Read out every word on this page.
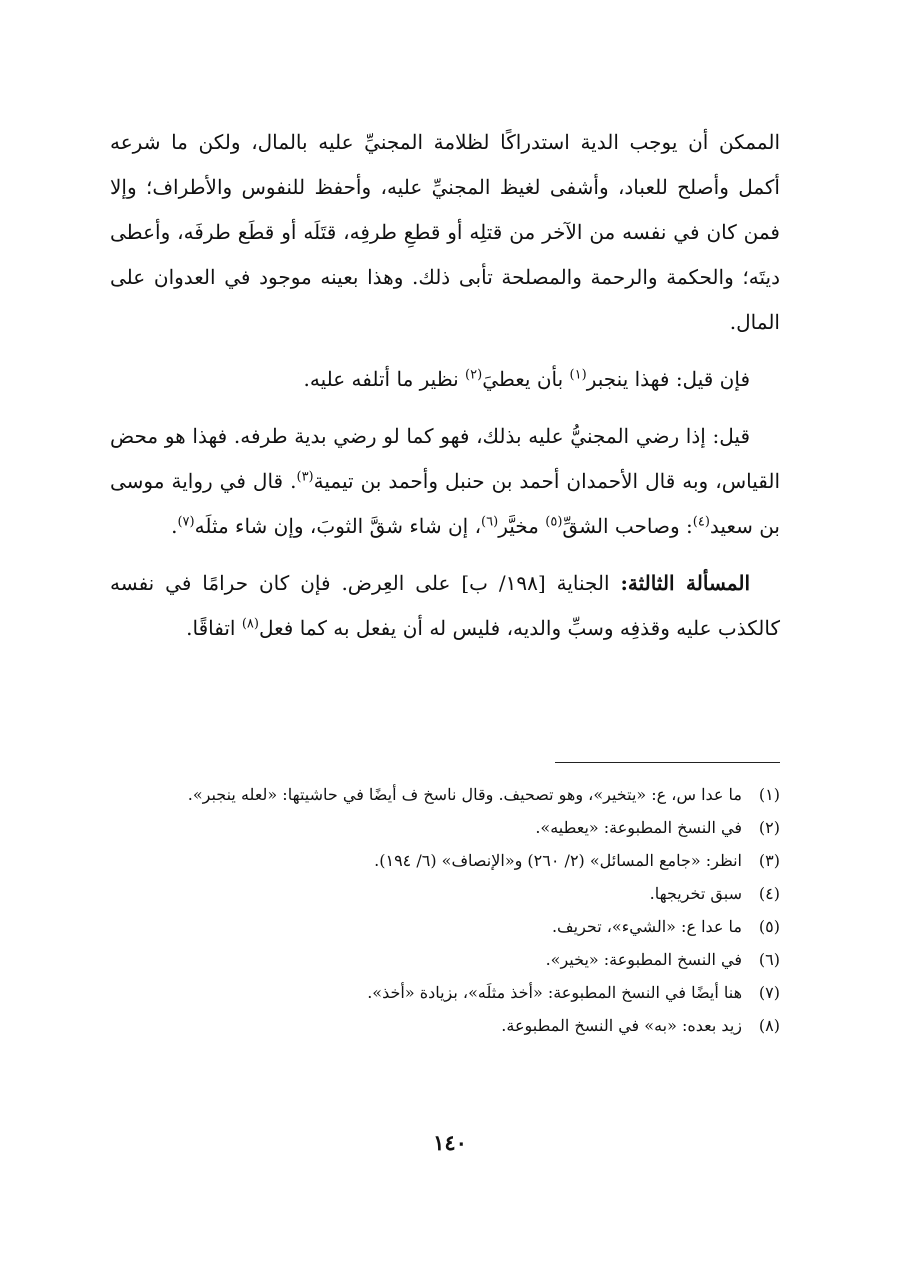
الممكن أن يوجب الدية استدراكًا لظلامة المجنيِّ عليه بالمال، ولكن ما شرعه أكمل وأصلح للعباد، وأشفى لغيظ المجنيِّ عليه، وأحفظ للنفوس والأطراف؛ وإلا فمن كان في نفسه من الآخر من قتلِه أو قطعِ طرفِه، قتَلَه أو قطَع طرفَه، وأعطى ديتَه؛ والحكمة والرحمة والمصلحة تأبى ذلك. وهذا بعينه موجود في العدوان على المال.

فإن قيل: فهذا ينجبر$^{(١)}$ بأن يعطيَ$^{(٢)}$ نظير ما أتلفه عليه.

قيل: إذا رضي المجنيُّ عليه بذلك، فهو كما لو رضي بدية طرفه. فهذا هو محض القياس، وبه قال الأحمدان أحمد بن حنبل وأحمد بن تيمية$^{(٣)}$. قال في رواية موسى بن سعيد$^{(٤)}$: وصاحب الشقِّ$^{(٥)}$ مخيَّر$^{(٦)}$، إن شاء شقَّ الثوبَ، وإن شاء مثلَه$^{(٧)}$.

المسألة الثالثة: الجناية [١٩٨/ ب] على العِرض. فإن كان حرامًا في نفسه كالكذب عليه وقذفِه وسبِّ والديه، فليس له أن يفعل به كما فعل$^{(٨)}$ اتفاقًا.

(١)
ما عدا س، ع: «يتخير»، وهو تصحيف. وقال ناسخ ف أيضًا في حاشيتها: «لعله ينجبر».
(٢)
في النسخ المطبوعة: «يعطيه».
(٣)
انظر: «جامع المسائل» (٢/ ٢٦٠) و«الإنصاف» (٦/ ١٩٤).
(٤)
سبق تخريجها.
(٥)
ما عدا ع: «الشيء»، تحريف.
(٦)
في النسخ المطبوعة: «يخير».
(٧)
هنا أيضًا في النسخ المطبوعة: «أخذ مثلَه»، بزيادة «أخذ».
(٨)
زيد بعده: «به» في النسخ المطبوعة.
١٤٠
